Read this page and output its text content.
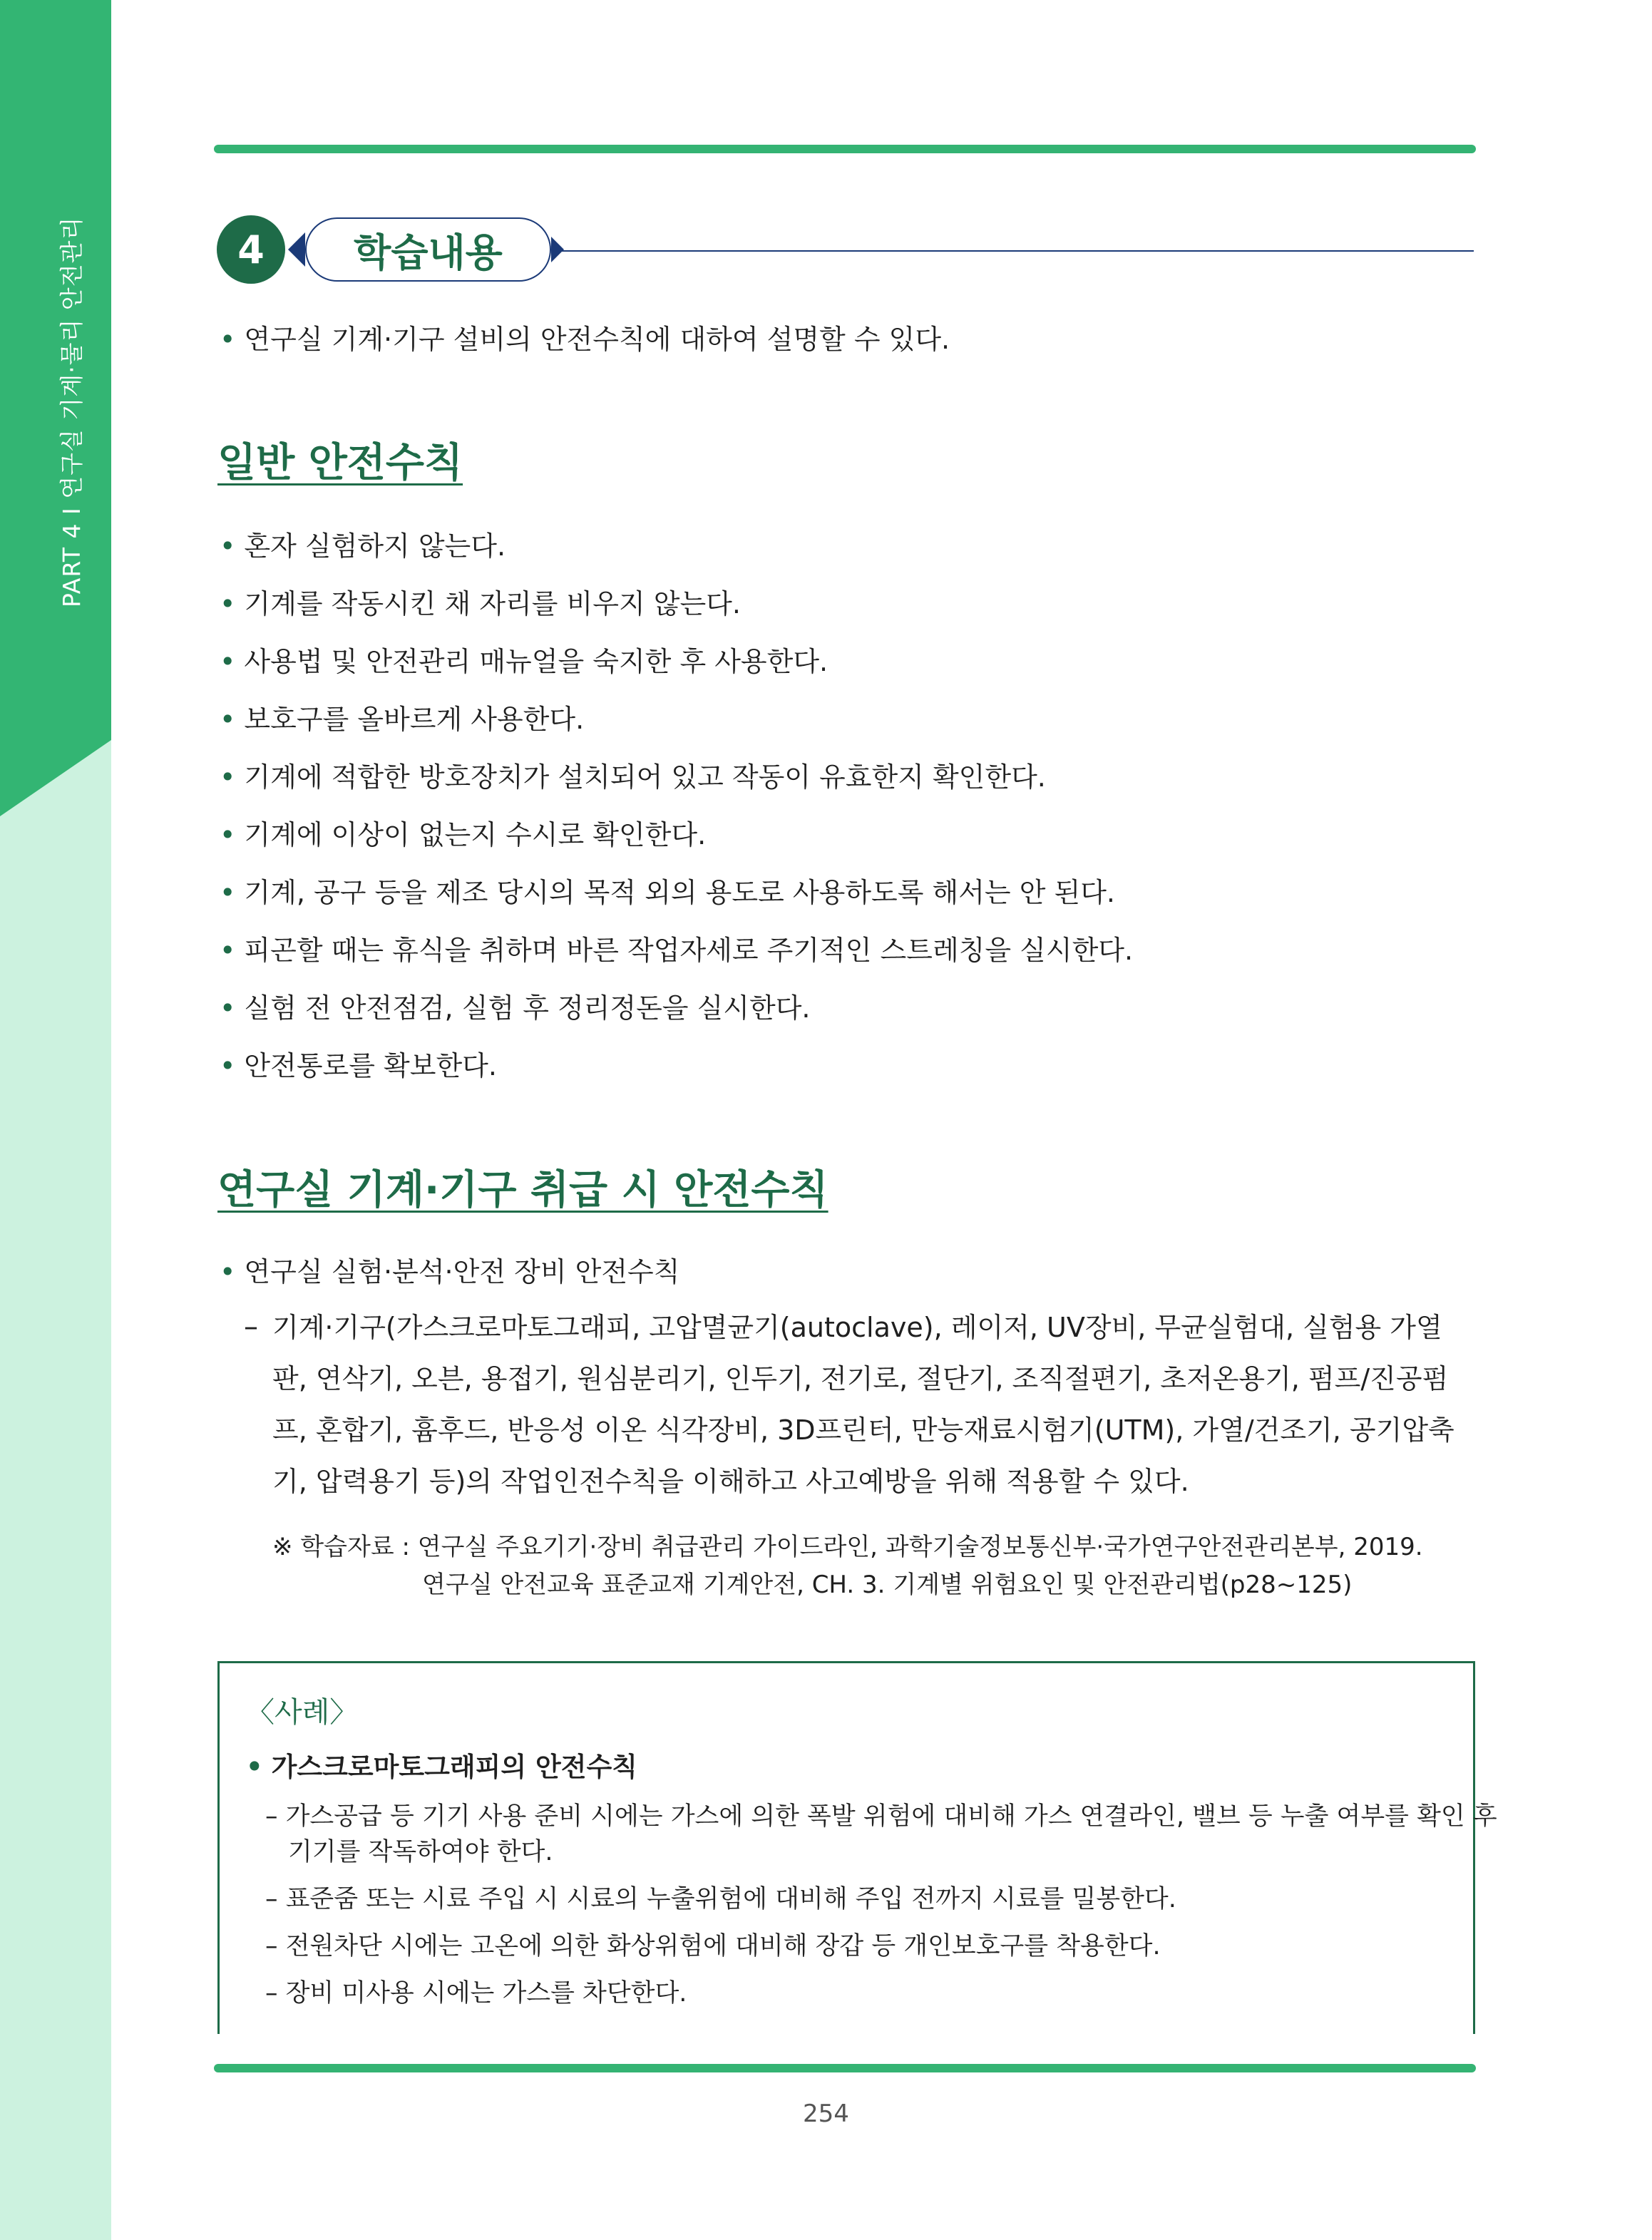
PART 4 I 연구실 기계·물리 안전관리	4	학습내용
• 연구실 기계·기구 설비의 안전수칙에 대하여 설명할 수 있다.
일반 안전수칙
• 혼자 실험하지 않는다.
• 기계를 작동시킨 채 자리를 비우지 않는다.
• 사용법 및 안전관리 매뉴얼을 숙지한 후 사용한다.
• 보호구를 올바르게 사용한다.
• 기계에 적합한 방호장치가 설치되어 있고 작동이 유효한지 확인한다.
• 기계에 이상이 없는지 수시로 확인한다.
• 기계, 공구 등을 제조 당시의 목적 외의 용도로 사용하도록 해서는 안 된다.
• 피곤할 때는 휴식을 취하며 바른 작업자세로 주기적인 스트레칭을 실시한다.
• 실험 전 안전점검, 실험 후 정리정돈을 실시한다.
• 안전통로를 확보한다.
연구실 기계·기구 취급 시 안전수칙
• 연구실 실험·분석·안전 장비 안전수칙
– 기계·기구(가스크로마토그래피, 고압멸균기(autoclave), 레이저, UV장비, 무균실험대, 실험용 가열판, 연삭기, 오븐, 용접기, 원심분리기, 인두기, 전기로, 절단기, 조직절편기, 초저온용기, 펌프/진공펌프, 혼합기, 흄후드, 반응성 이온 식각장비, 3D프린터, 만능재료시험기(UTM), 가열/건조기, 공기압축기, 압력용기 등)의 작업인전수칙을 이해하고 사고예방을 위해 적용할 수 있다.
※ 학습자료 : 연구실 주요기기·장비 취급관리 가이드라인, 과학기술정보통신부·국가연구안전관리본부, 2019.
연구실 안전교육 표준교재 기계안전, CH. 3. 기계별 위험요인 및 안전관리법(p28~125)
〈사례〉
• 가스크로마토그래피의 안전수칙
– 가스공급 등 기기 사용 준비 시에는 가스에 의한 폭발 위험에 대비해 가스 연결라인, 밸브 등 누출 여부를 확인 후
기기를 작독하여야 한다.
– 표준줌 또는 시료 주입 시 시료의 누출위험에 대비해 주입 전까지 시료를 밀봉한다.
– 전원차단 시에는 고온에 의한 화상위험에 대비해 장갑 등 개인보호구를 착용한다.
– 장비 미사용 시에는 가스를 차단한다.
254
